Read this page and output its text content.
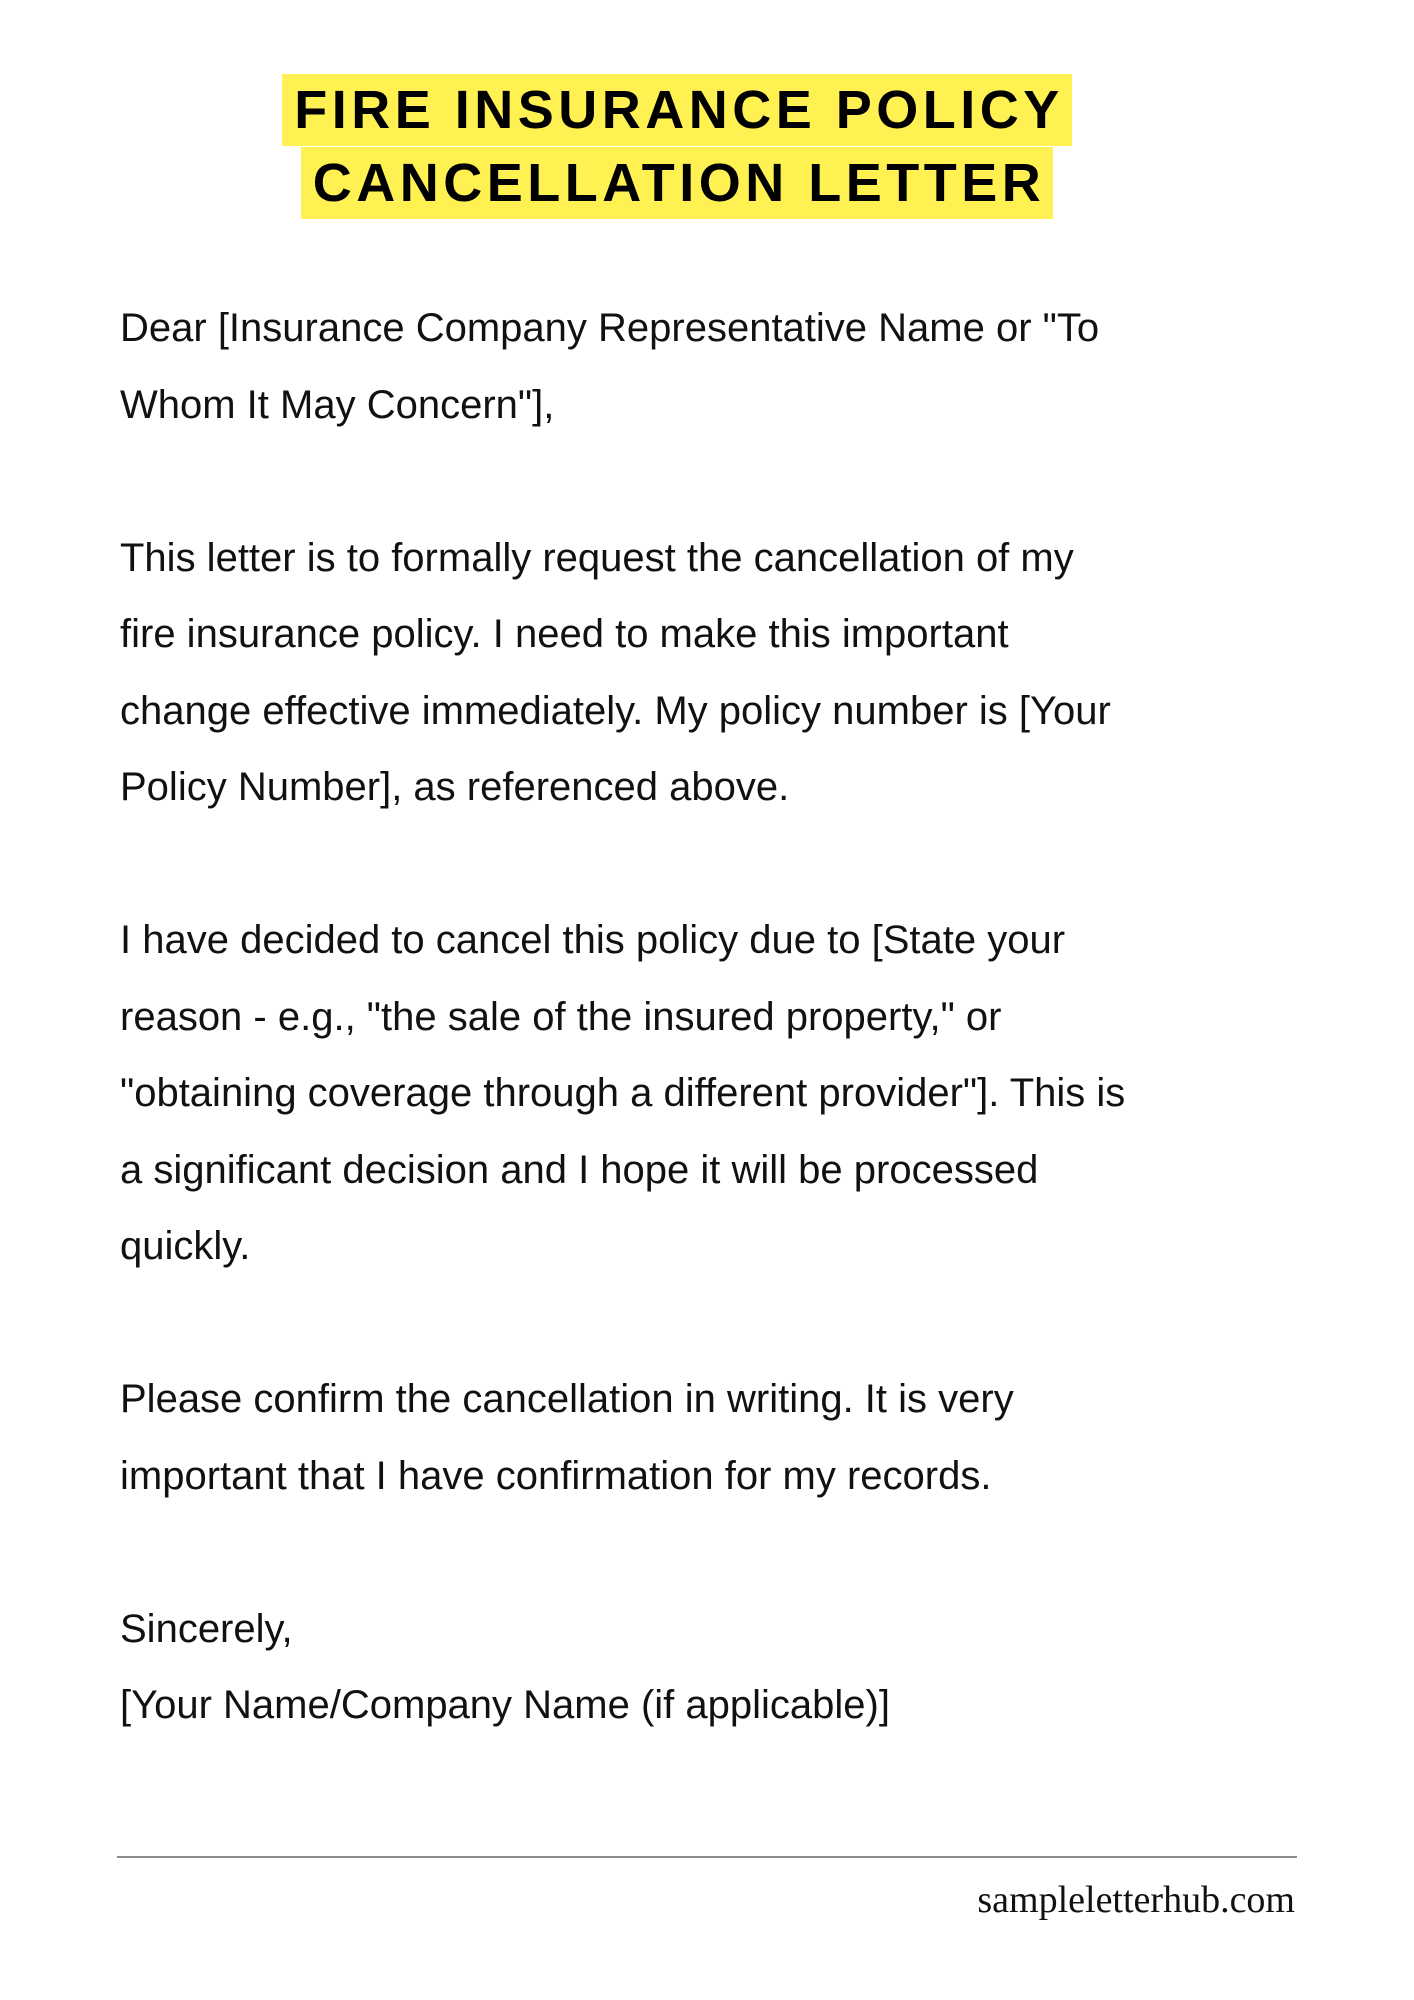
FIRE INSURANCE POLICY
CANCELLATION LETTER
Dear [Insurance Company Representative Name or "To
Whom It May Concern"],
This letter is to formally request the cancellation of my
fire insurance policy. I need to make this important
change effective immediately. My policy number is [Your
Policy Number], as referenced above.
I have decided to cancel this policy due to [State your
reason - e.g., "the sale of the insured property," or
"obtaining coverage through a different provider"]. This is
a significant decision and I hope it will be processed
quickly.
Please confirm the cancellation in writing. It is very
important that I have confirmation for my records.
Sincerely,
[Your Name/Company Name (if applicable)]
sampleletterhub.com
